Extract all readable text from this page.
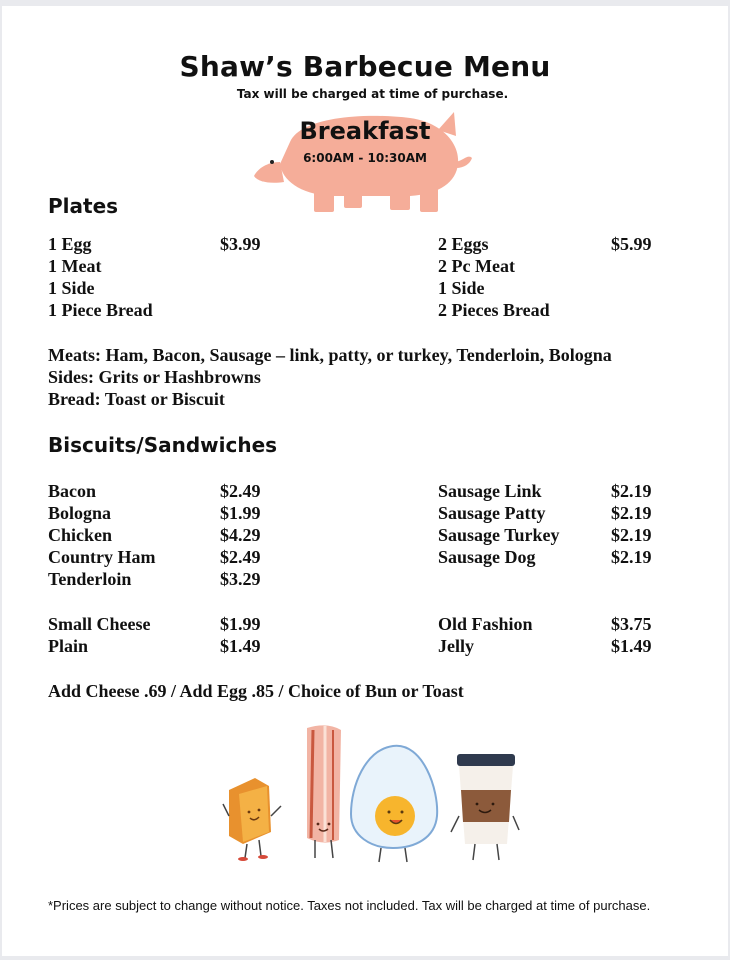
Shaw’s Barbecue Menu
Tax will be charged at time of purchase.
Breakfast
6:00AM - 10:30AM
Plates
1 Egg
1 Meat
1 Side
1 Piece Bread
$3.99	2 Eggs
2 Pc Meat
1 Side
2 Pieces Bread
$5.99
Meats: Ham, Bacon, Sausage – link, patty, or turkey, Tenderloin, Bologna
Sides: Grits or Hashbrowns
Bread: Toast or Biscuit
Biscuits/Sandwiches
Bacon
Bologna
Chicken
Country Ham
Tenderloin
$2.49
$1.99
$4.29
$2.49
$3.29
Sausage Link
Sausage Patty
Sausage Turkey
Sausage Dog
$2.19
$2.19
$2.19
$2.19
Small Cheese
Plain
$1.99
$1.49
Old Fashion
Jelly
$3.75
$1.49
Add Cheese .69 / Add Egg .85 / Choice of Bun or Toast
*Prices are subject to change without notice. Taxes not included. Tax will be charged at time of purchase.
